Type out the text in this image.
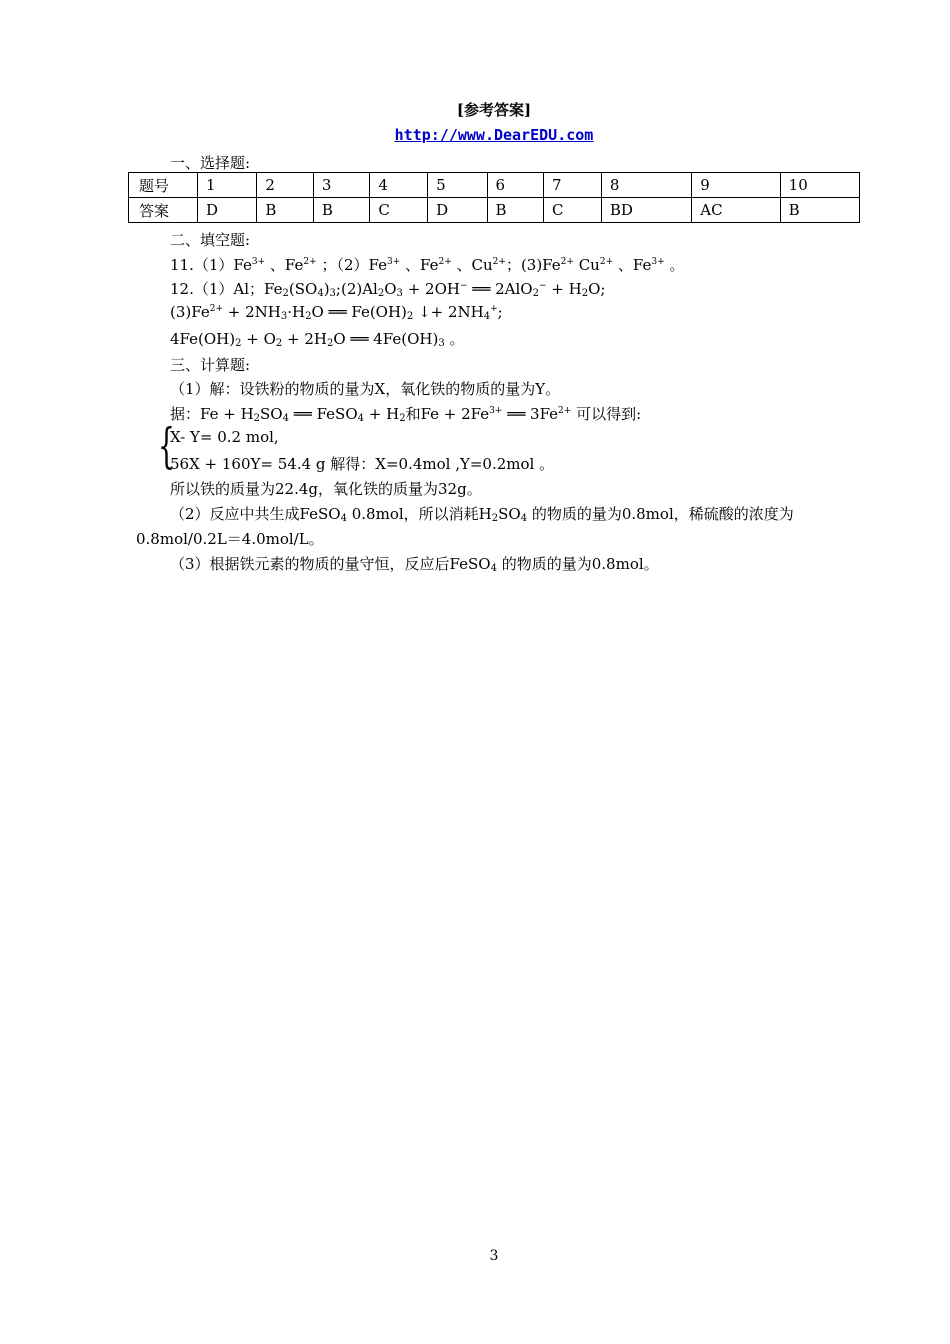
[参考答案]
http://www.DearEDU.com
一、选择题:
题号	1	2	3	4	5	6	7	8	9	10
答案	D	B	B	C	D	B	C	BD	AC	B
二、填空题:
$11.(1)Fe^{3+}$ 、$Fe^{2+}$ ；$(2)Fe^{3+}$ 、$Fe^{2+}$ 、$Cu^{2+}$；$(3)Fe^{2+}$ $Cu^{2+}$ 、$Fe^{3+}$ 。
12.（1）Al；$Fe_2(SO_4)_3;(2)Al_2O_3 + 2OH^-$ ══ $2AlO_2^- + H_2O$;
$(3)Fe^{2+} + 2NH_3\cdot H_2O$ ══ $Fe(OH)_2$ ↓+ $2NH_4^+$;
$4Fe(OH)_2 + O_2 + 2H_2O$ ══ $4Fe(OH)_3$ 。
三、计算题:
（1）解：设铁粉的物质的量为X，氧化铁的物质的量为Y。
据：$Fe + H_2SO_4$ ══ FeSO$_4$ + $H_2$和$Fe + 2Fe^{3+}$ ══ $3Fe^{2+}$ 可以得到:
{
X- Y= 0.2 mol,
56X + 160Y= 54.4 g 解得：X=0.4mol ,Y=0.2mol 。
所以铁的质量为22.4g，氧化铁的质量为32g。
（2）反应中共生成FeSO$_4$ 0.8mol，所以消耗$H_2SO_4$ 的物质的量为0.8mol，稀硫酸的浓度为
0.8mol/0.2L＝4.0mol/L。
（3）根据铁元素的物质的量守恒，反应后FeSO$_4$ 的物质的量为0.8mol。
3
